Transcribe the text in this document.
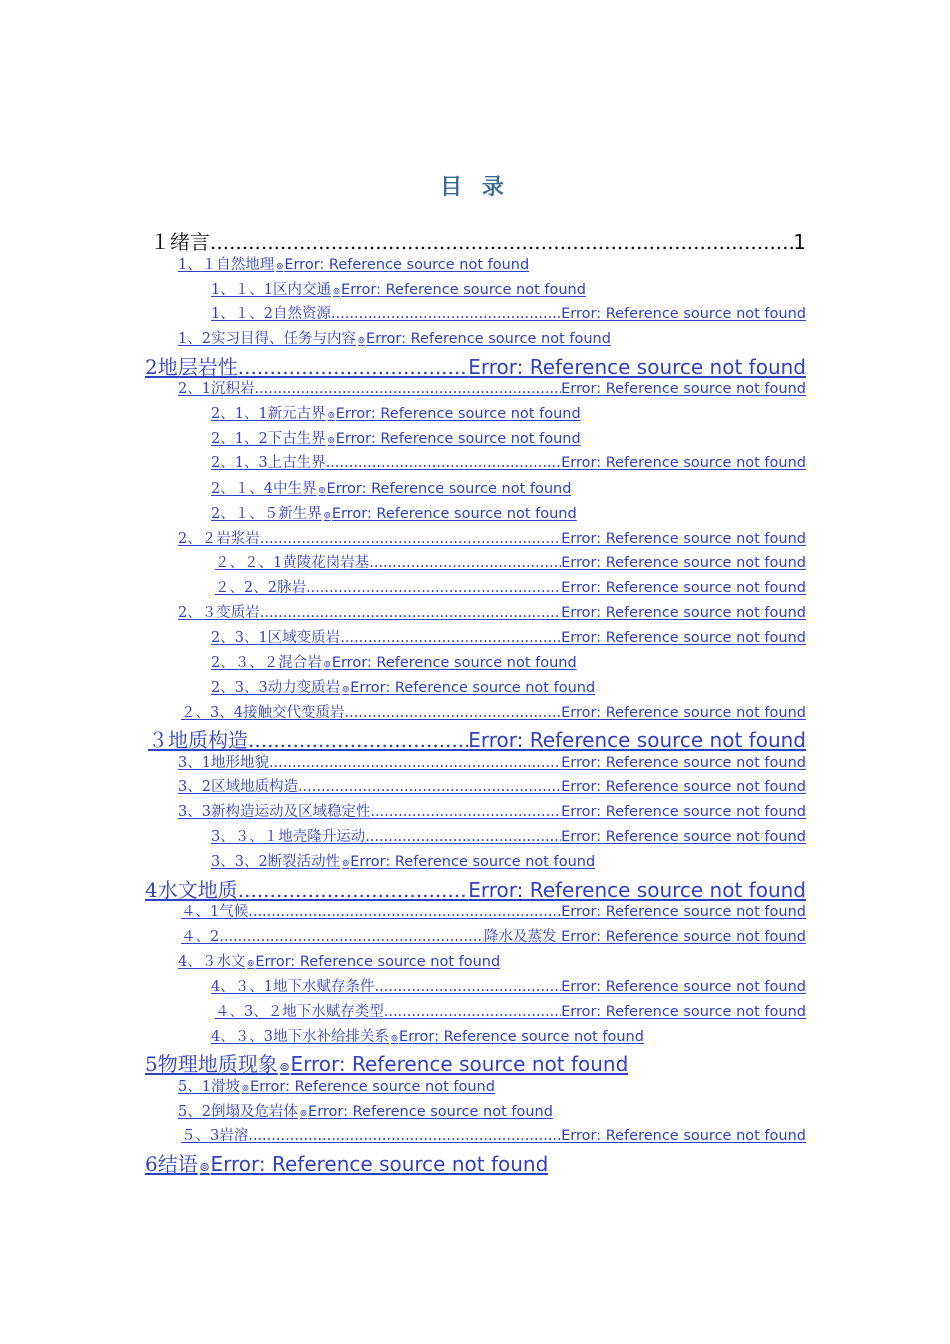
目 录
１绪言 .....	1
1、１自然地理 ๏ Error: Reference source not found
1、１、1区内交通 ๏ Error: Reference source not found
1、１、2自然资源 .....	Error: Reference source not found
1、2实习目得、任务与内容 ๏ Error: Reference source not found
2地层岩性 .....	Error: Reference source not found
2、1沉积岩 .....	Error: Reference source not found
2、1、1新元古界 ๏ Error: Reference source not found
2、1、2下古生界 ๏ Error: Reference source not found
2、1、3上古生界 .....	Error: Reference source not found
2、１、4中生界 ๏ Error: Reference source not found
2、１、５新生界 ๏ Error: Reference source not found
2、２岩浆岩 .....	Error: Reference source not found
２、２、1黄陵花岗岩基 .....	Error: Reference source not found
２、2、2脉岩 .....	Error: Reference source not found
2、３变质岩 .....	Error: Reference source not found
2、3、1区域变质岩 .....	Error: Reference source not found
2、３、２混合岩 ๏ Error: Reference source not found
2、3、3动力变质岩 ๏ Error: Reference source not found
２、3、4接触交代变质岩 .....	Error: Reference source not found
３地质构造 .....	Error: Reference source not found
3、1地形地貌 .....	Error: Reference source not found
3、2区域地质构造 .....	Error: Reference source not found
3、3新构造运动及区域稳定性 .....	Error: Reference source not found
3、３、１地壳隆升运动 .....	Error: Reference source not found
3、3、2断裂活动性 ๏ Error: Reference source not found
4水文地质 .....	Error: Reference source not found
４、1气候 .....	Error: Reference source not found
４、2 .....	降水及蒸发 Error: Reference source not found
4、３水文 ๏ Error: Reference source not found
4、３、1地下水赋存条件 .....	Error: Reference source not found
４、3、２地下水赋存类型 .....	Error: Reference source not found
4、３、3地下水补给排关系 ๏ Error: Reference source not found
5物理地质现象 ๏ Error: Reference source not found
5、1滑坡 ๏ Error: Reference source not found
5、2倒塌及危岩体 ๏ Error: Reference source not found
５、3岩溶 .....	Error: Reference source not found
6结语 ๏ Error: Reference source not found
